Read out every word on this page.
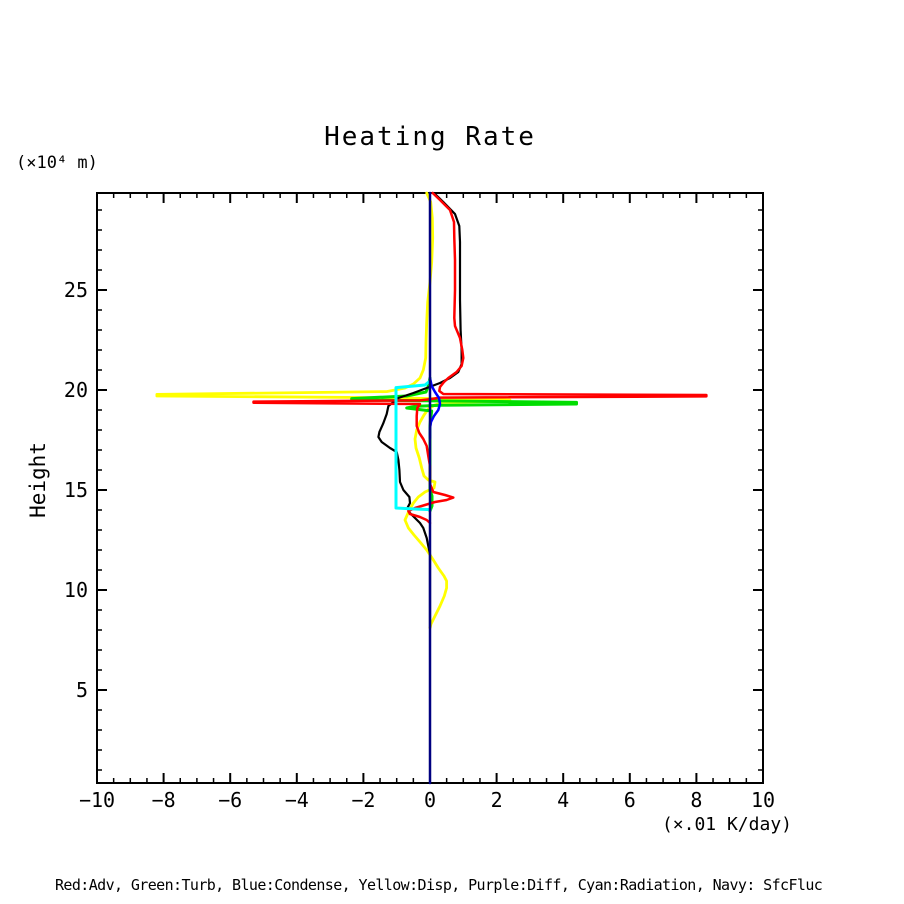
Heating Rate
(×10⁴ m)
Height
−10 −8 −6 −4 −2 0	2	4	6	8 10
5
10
15
20
25
(×.01 K/day)
Red:Adv, Green:Turb, Blue:Condense, Yellow:Disp, Purple:Diff, Cyan:Radiation, Navy: SfcFluc
